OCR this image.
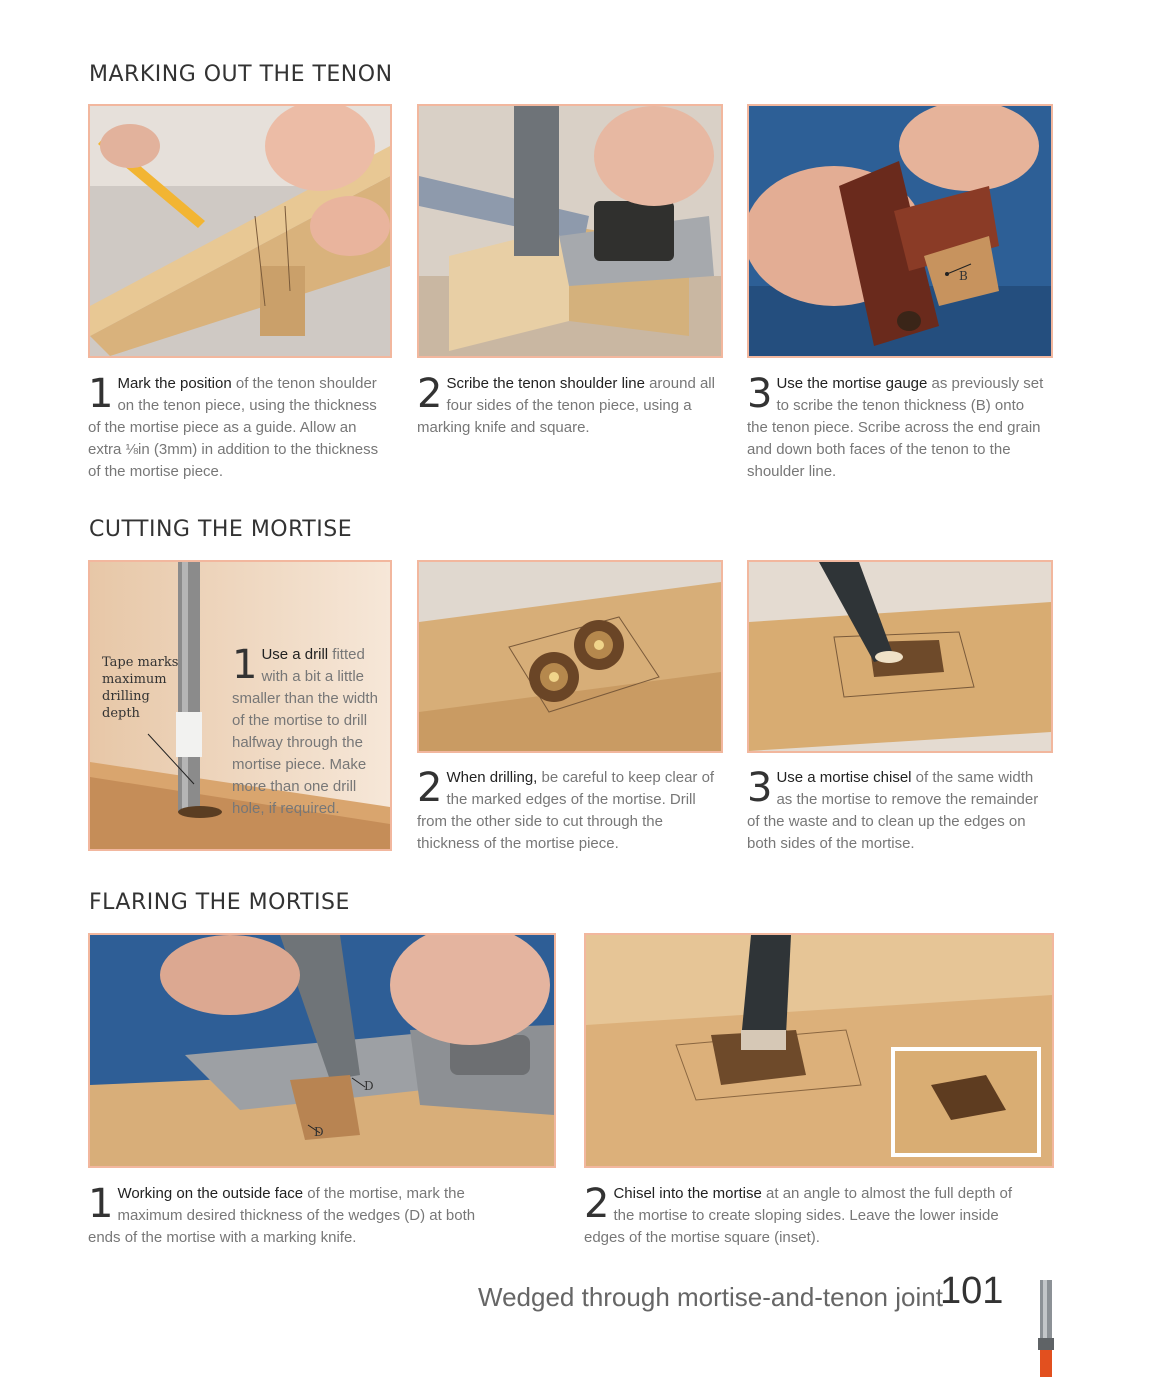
MARKING OUT THE TENON
B
1 Mark the position of the tenon shoulder on the tenon piece, using the thickness of the mortise piece as a guide. Allow an extra ⅛in (3mm) in addition to the thickness of the mortise piece.
2 Scribe the tenon shoulder line around all four sides of the tenon piece, using a marking knife and square.
3 Use the mortise gauge as previously set to scribe the tenon thickness (B) onto the tenon piece. Scribe across the end grain and down both faces of the tenon to the shoulder line.
CUTTING THE MORTISE
Tape marks maximum drilling depth
1 Use a drill fitted with a bit a little smaller than the width of the mortise to drill halfway through the mortise piece. Make more than one drill hole, if required.	2 When drilling, be careful to keep clear of the marked edges of the mortise. Drill from the other side to cut through the thickness of the mortise piece.
3 Use a mortise chisel of the same width as the mortise to remove the remainder of the waste and to clean up the edges on both sides of the mortise.
FLARING THE MORTISE
D
D
1 Working on the outside face of the mortise, mark the maximum desired thickness of the wedges (D) at both ends of the mortise with a marking knife.
2 Chisel into the mortise at an angle to almost the full depth of the mortise to create sloping sides. Leave the lower inside edges of the mortise square (inset).
Wedged through mortise-and-tenon joint
101
